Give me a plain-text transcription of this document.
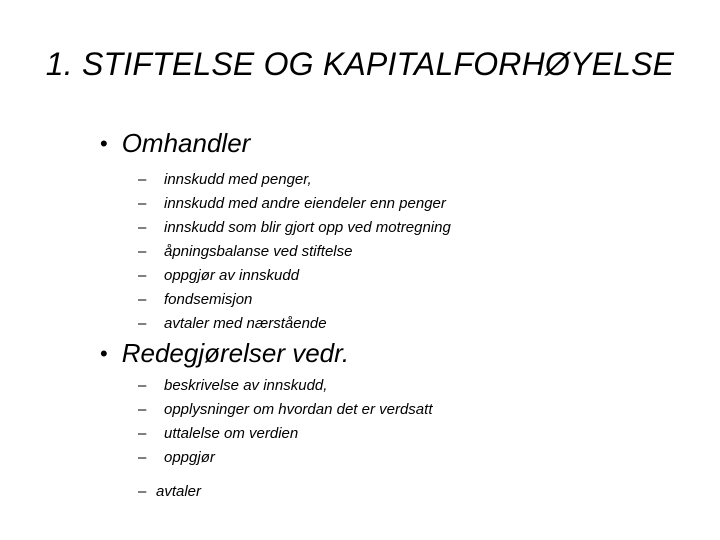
1. STIFTELSE OG KAPITALFORHØYELSE
• Omhandler
–	innskudd med penger,
–	innskudd med andre eiendeler enn penger
–	innskudd som blir gjort opp ved motregning
–	åpningsbalanse ved stiftelse
–	oppgjør av innskudd
–	fondsemisjon
–	avtaler med nærstående
• Redegjørelser vedr.
–	beskrivelse av innskudd,
–	opplysninger om hvordan det er verdsatt
–	uttalelse om verdien
–	oppgjør
– avtaler
